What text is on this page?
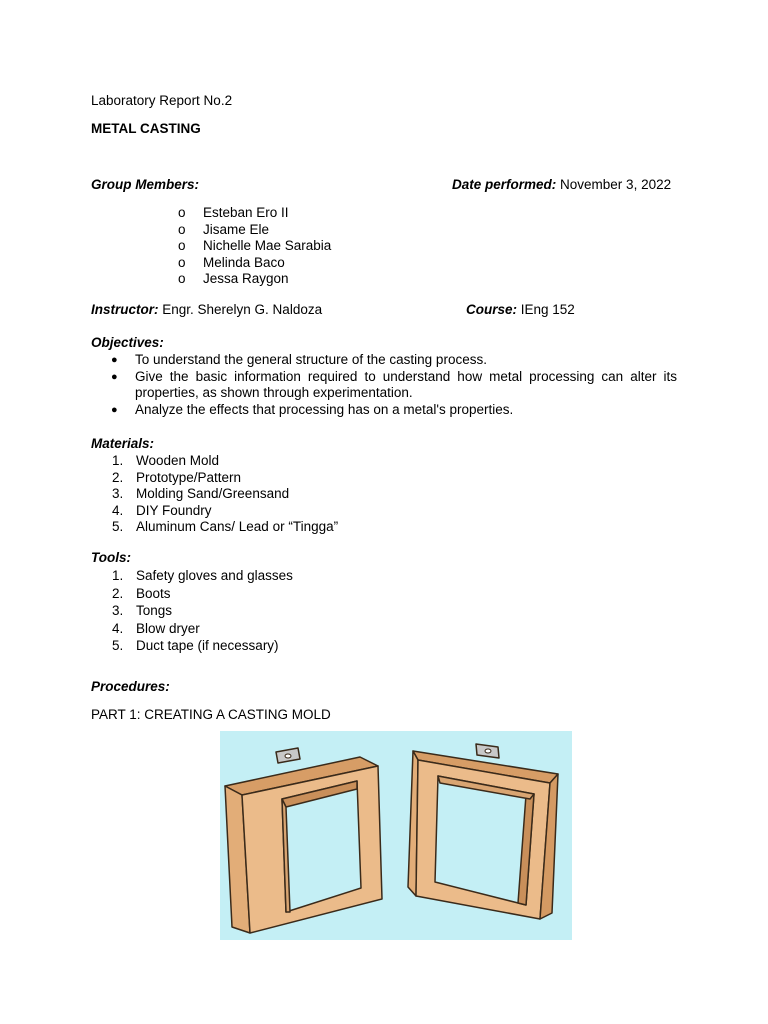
Laboratory Report No.2
METAL CASTING
Group Members:	Date performed: November 3, 2022
o Esteban Ero II
o Jisame Ele
o Nichelle Mae Sarabia
o Melinda Baco
o Jessa Raygon
Instructor: Engr. Sherelyn G. Naldoza	Course: IEng 152
Objectives:
● To understand the general structure of the casting process.
● Give the basic information required to understand how metal processing can alter its properties, as shown through experimentation.
● Analyze the effects that processing has on a metal's properties.
Materials:
1. Wooden Mold
2. Prototype/Pattern
3. Molding Sand/Greensand
4. DIY Foundry
5. Aluminum Cans/ Lead or “Tingga”
Tools:
1. Safety gloves and glasses
2. Boots
3. Tongs
4. Blow dryer
5. Duct tape (if necessary)
Procedures:
PART 1: CREATING A CASTING MOLD
